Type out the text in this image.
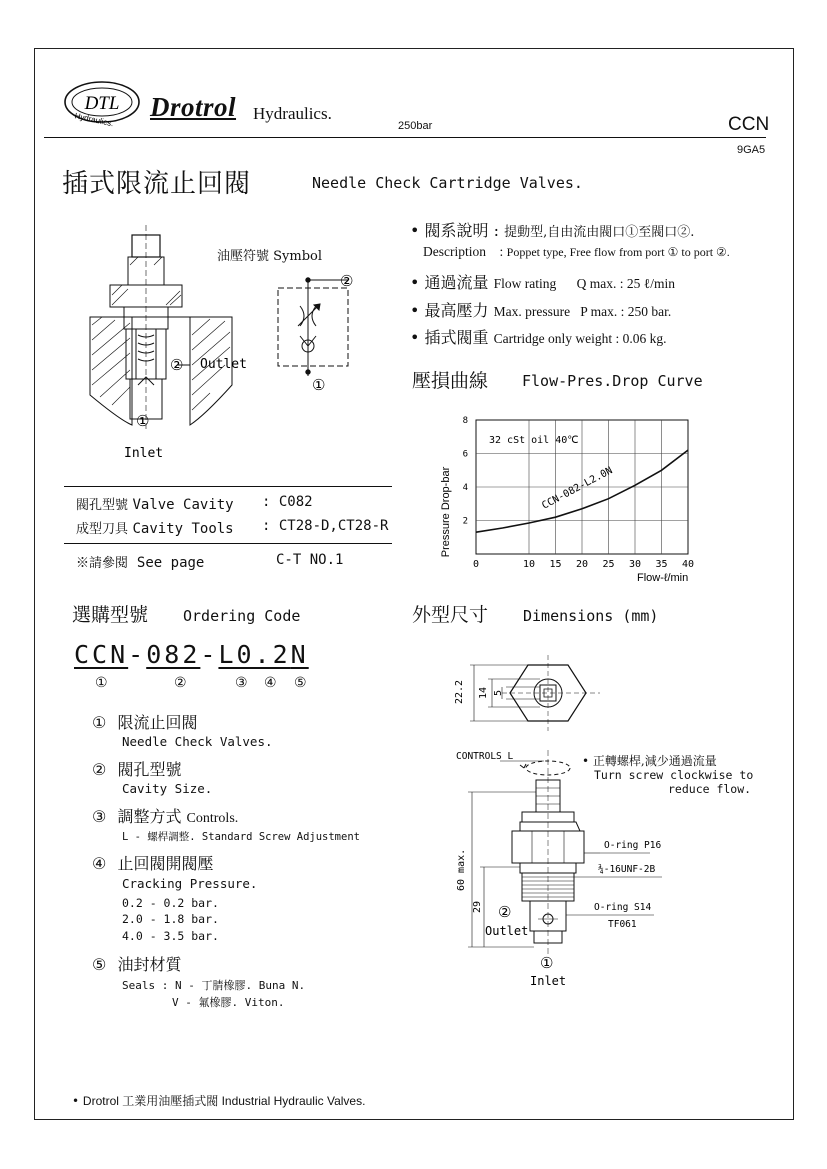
DTL
Hydraulics. Drotrol Hydraulics.
250bar	CCN
9GA5
插式限流止回閥	Needle Check Cartridge Valves.
② Outlet
①
Inlet
油壓符號 Symbol
②
①
• 閥系說明 : 提動型,自由流由閥口①至閥口②.
Description    : Poppet type, Free flow from port ① to port ②.
• 通過流量 Flow rating Q max. : 25 ℓ/min
• 最高壓力 Max. pressure P max. : 250 bar.
• 插式閥重 Cartridge only weight : 0.06 kg.
壓損曲線 Flow-Pres.Drop Curve
0	10 15 20 25 30 35 40
2
4
6
8
Pressure Drop-bar
Flow-ℓ/min
32 cSt oil 40℃
CCN-082-L2.0N
閥孔型號 Valve Cavity : C082
成型刀具 Cavity Tools : CT28-D,CT28-R
※請參閱 See page	C-T NO.1
選購型號 Ordering Code
CCN-082-L0.2N
①	②	③ ④ ⑤
① 限流止回閥
Needle Check Valves.
② 閥孔型號
Cavity Size.
③ 調整方式 Controls.
L - 螺桿調整. Standard Screw Adjustment
④ 止回閥開閥壓
Cracking Pressure.
0.2 - 0.2 bar.
2.0 - 1.8 bar.
4.0 - 3.5 bar.
⑤ 油封材質
Seals : N - 丁腈橡膠. Buna N.
V - 氟橡膠. Viton.
外型尺寸 Dimensions (mm)
22.2 14 5
60 max.
29
CONTROLS L
O-ring P16
¾-16UNF-2B
O-ring S14
TF061
②
Outlet
①
Inlet
• 正轉螺桿,減少通過流量
Turn screw clockwise to
reduce flow.
• Drotrol 工業用油壓插式閥 Industrial Hydraulic Valves.
